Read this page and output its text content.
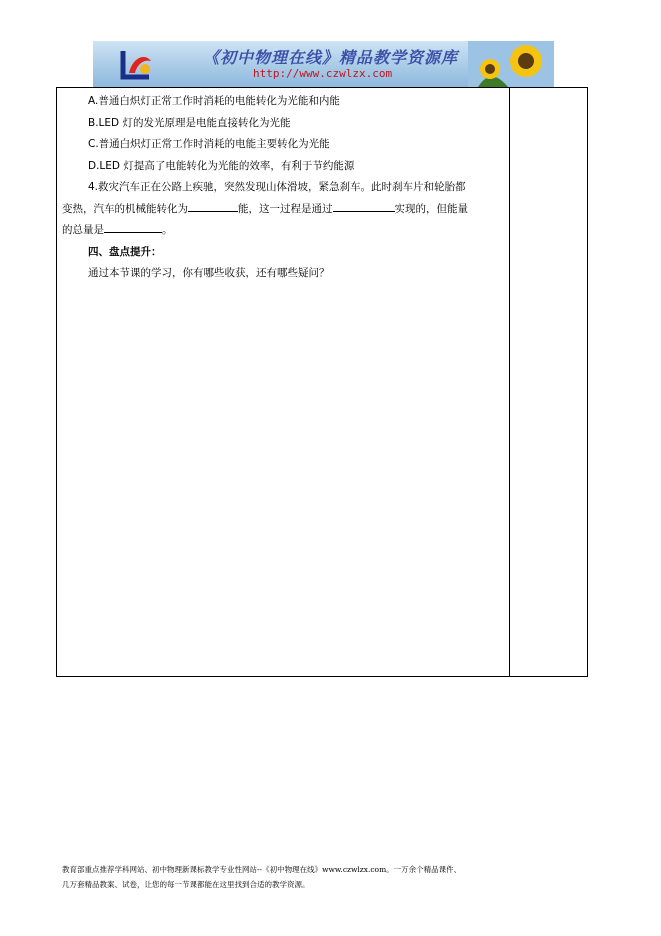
《初中物理在线》精品教学资源库
http://www.czwlzx.com
A.普通白炽灯正常工作时消耗的电能转化为光能和内能
B.LED 灯的发光原理是电能直接转化为光能
C.普通白炽灯正常工作时消耗的电能主要转化为光能
D.LED 灯提高了电能转化为光能的效率，有利于节约能源
4.救灾汽车正在公路上疾驰，突然发现山体滑坡，紧急刹车。此时刹车片和轮胎都
变热，汽车的机械能转化为	能，这一过程是通过	实现的，但能量
的总量是	。
四、盘点提升：
通过本节课的学习，你有哪些收获，还有哪些疑问？
教育部重点推荐学科网站、初中物理新课标教学专业性网站--《初中物理在线》www.czwlzx.com。一万余个精品课件、
几万套精品教案、试卷，让您的每一节课都能在这里找到合适的教学资源。
